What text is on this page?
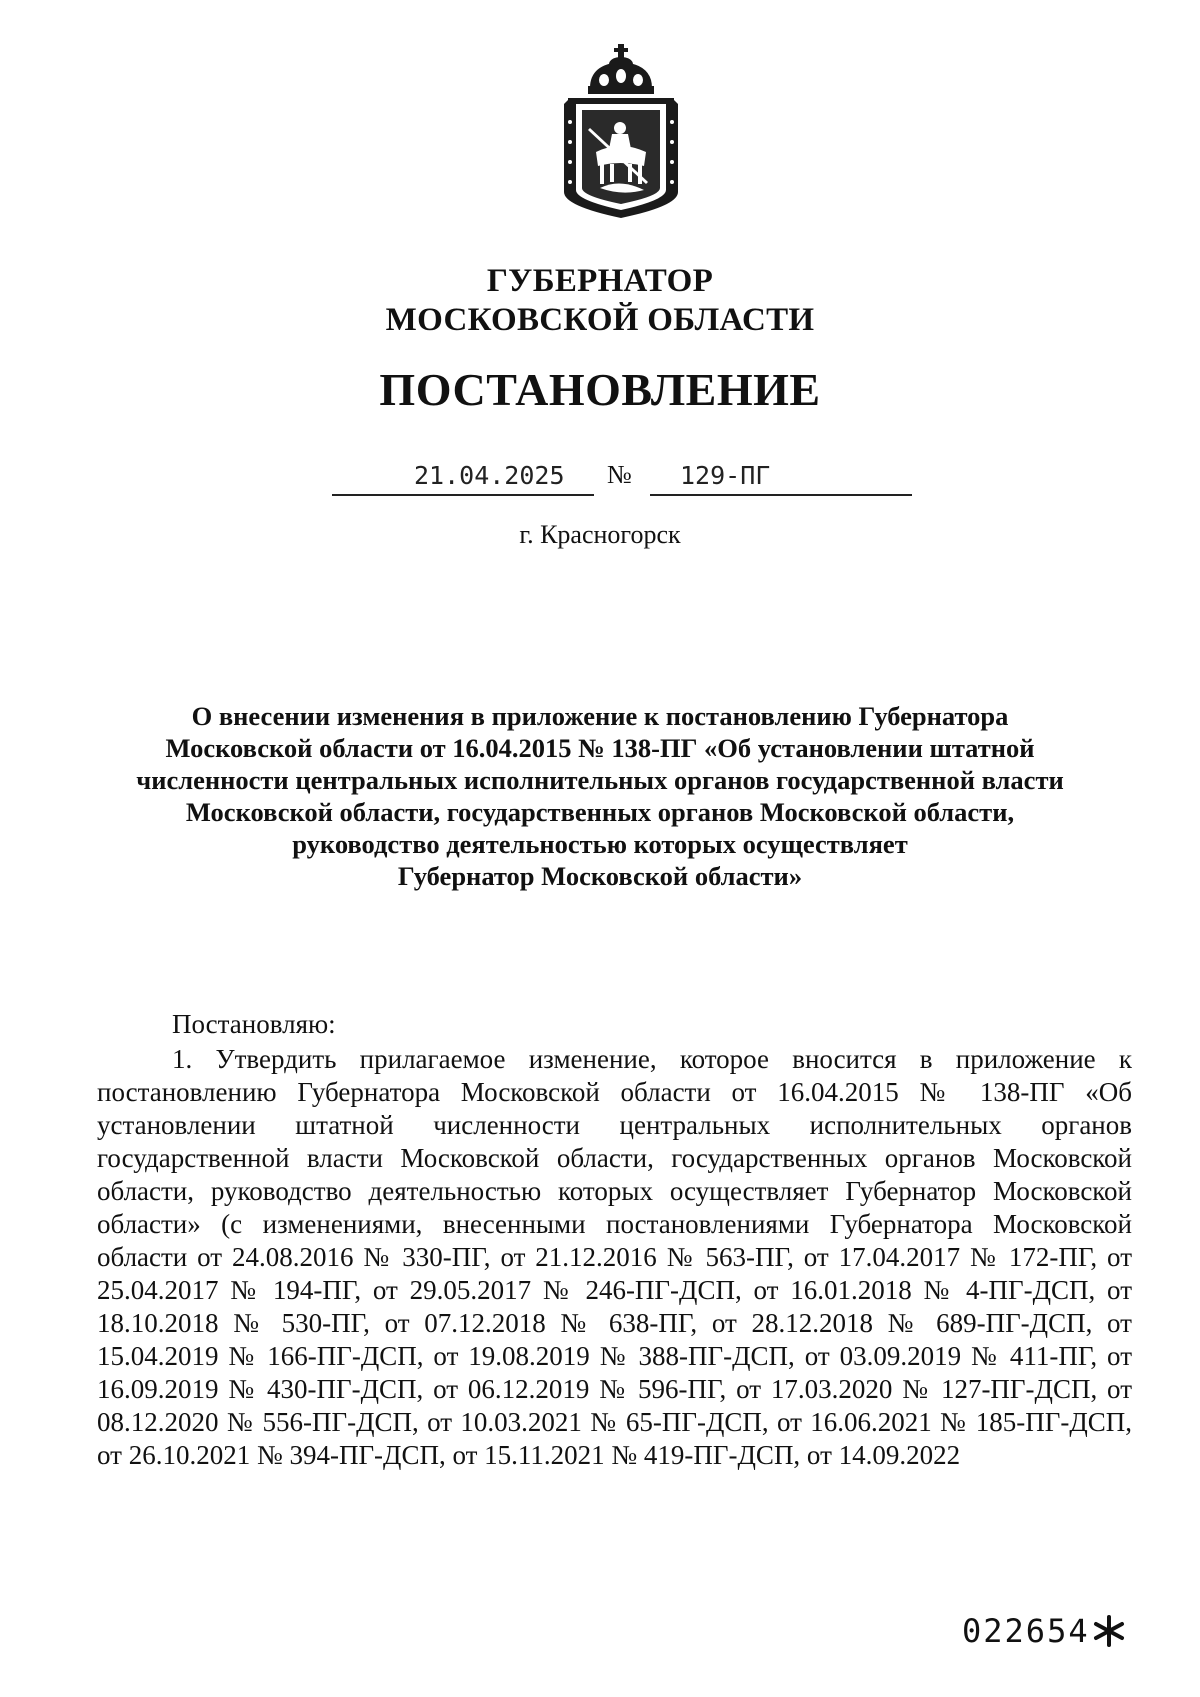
ГУБЕРНАТОР
МОСКОВСКОЙ ОБЛАСТИ
ПОСТАНОВЛЕНИЕ
21.04.2025 № 129-ПГ
г. Красногорск
О внесении изменения в приложение к постановлению Губернатора
Московской области от 16.04.2015 № 138-ПГ «Об установлении штатной
численности центральных исполнительных органов государственной власти
Московской области, государственных органов Московской области,
руководство деятельностью которых осуществляет
Губернатор Московской области»

Постановляю:

1. Утвердить прилагаемое изменение, которое вносится в приложение к постановлению Губернатора Московской области от 16.04.2015 № 138-ПГ «Об установлении штатной численности центральных исполнительных органов государственной власти Московской области, государственных органов Московской области, руководство деятельностью которых осуществляет Губернатор Московской области» (с изменениями, внесенными постановлениями Губернатора Московской области от 24.08.2016 № 330-ПГ, от 21.12.2016 № 563-ПГ, от 17.04.2017 № 172-ПГ, от 25.04.2017 № 194-ПГ, от 29.05.2017 № 246-ПГ-ДСП, от 16.01.2018 № 4-ПГ-ДСП, от 18.10.2018 № 530-ПГ, от 07.12.2018 № 638-ПГ, от 28.12.2018 № 689-ПГ-ДСП, от 15.04.2019 № 166-ПГ-ДСП, от 19.08.2019 № 388-ПГ-ДСП, от 03.09.2019 № 411-ПГ, от 16.09.2019 № 430-ПГ-ДСП, от 06.12.2019 № 596-ПГ, от 17.03.2020 № 127-ПГ-ДСП, от 08.12.2020 № 556-ПГ-ДСП, от 10.03.2021 № 65-ПГ-ДСП, от 16.06.2021 № 185-ПГ-ДСП, от 26.10.2021 № 394-ПГ-ДСП, от 15.11.2021 № 419-ПГ-ДСП, от 14.09.2022

022654
